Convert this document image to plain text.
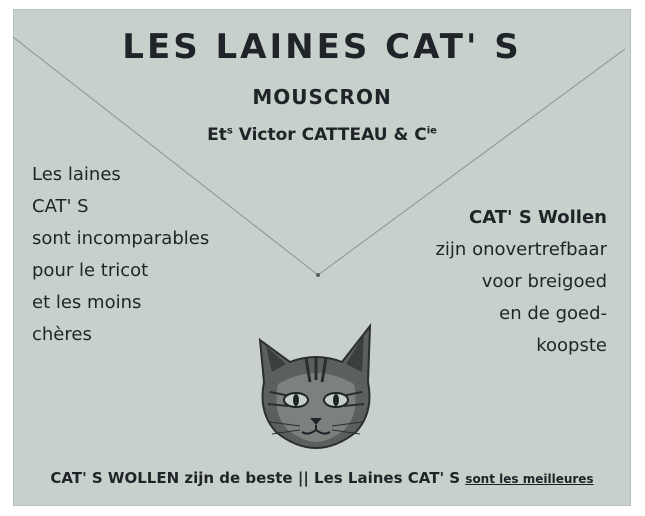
LES LAINES CAT' S
MOUSCRON
Et$^s$ Victor CATTEAU & $C^{ie}$
Les laines
CAT' S
sont incomparables
pour le tricot
et les moins
chères
CAT' S Wollen
zijn onovertrefbaar
voor breigoed
en de goed-
koopste
CAT' S WOLLEN zijn de beste || Les Laines CAT' S sont les meilleures
